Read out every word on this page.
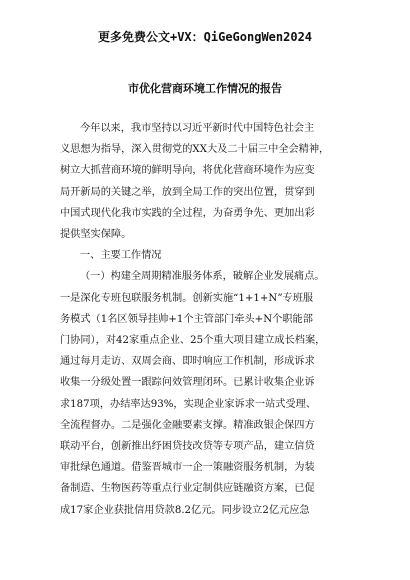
更多免费公文+VX：QiGeGongWen2024
市优化营商环境工作情况的报告
今年以来，我市坚持以习近平新时代中国特色社会主
义思想为指导，深入贯彻党的XX大及二十届三中全会精神，
树立大抓营商环境的鲜明导向，将优化营商环境作为应变
局开新局的关键之举，放到全局工作的突出位置，贯穿到
中国式现代化我市实践的全过程，为奋勇争先、更加出彩
提供坚实保障。
一、主要工作情况
（一）构建全周期精准服务体系，破解企业发展痛点。
一是深化专班包联服务机制。创新实施“1+1+N”专班服
务模式（1名区领导挂帅+1个主管部门牵头+N个职能部
门协同），对42家重点企业、25个重大项目建立成长档案，
通过每月走访、双周会商、即时响应工作机制，形成诉求
收集一分级处置一跟踪问效管理闭环。已累计收集企业诉
求187项，办结率达93%，实现企业家诉求一站式受理、
全流程督办。二是强化金融要素支撑。精准政银企保四方
联动平台，创新推出纾困贷技改贷等专项产品，建立信贷
审批绿色通道。借鉴晋城市一企一策融资服务机制，为装
备制造、生物医药等重点行业定制供应链融资方案，已促
成17家企业获批信用贷款8.2亿元。同步设立2亿元应急
